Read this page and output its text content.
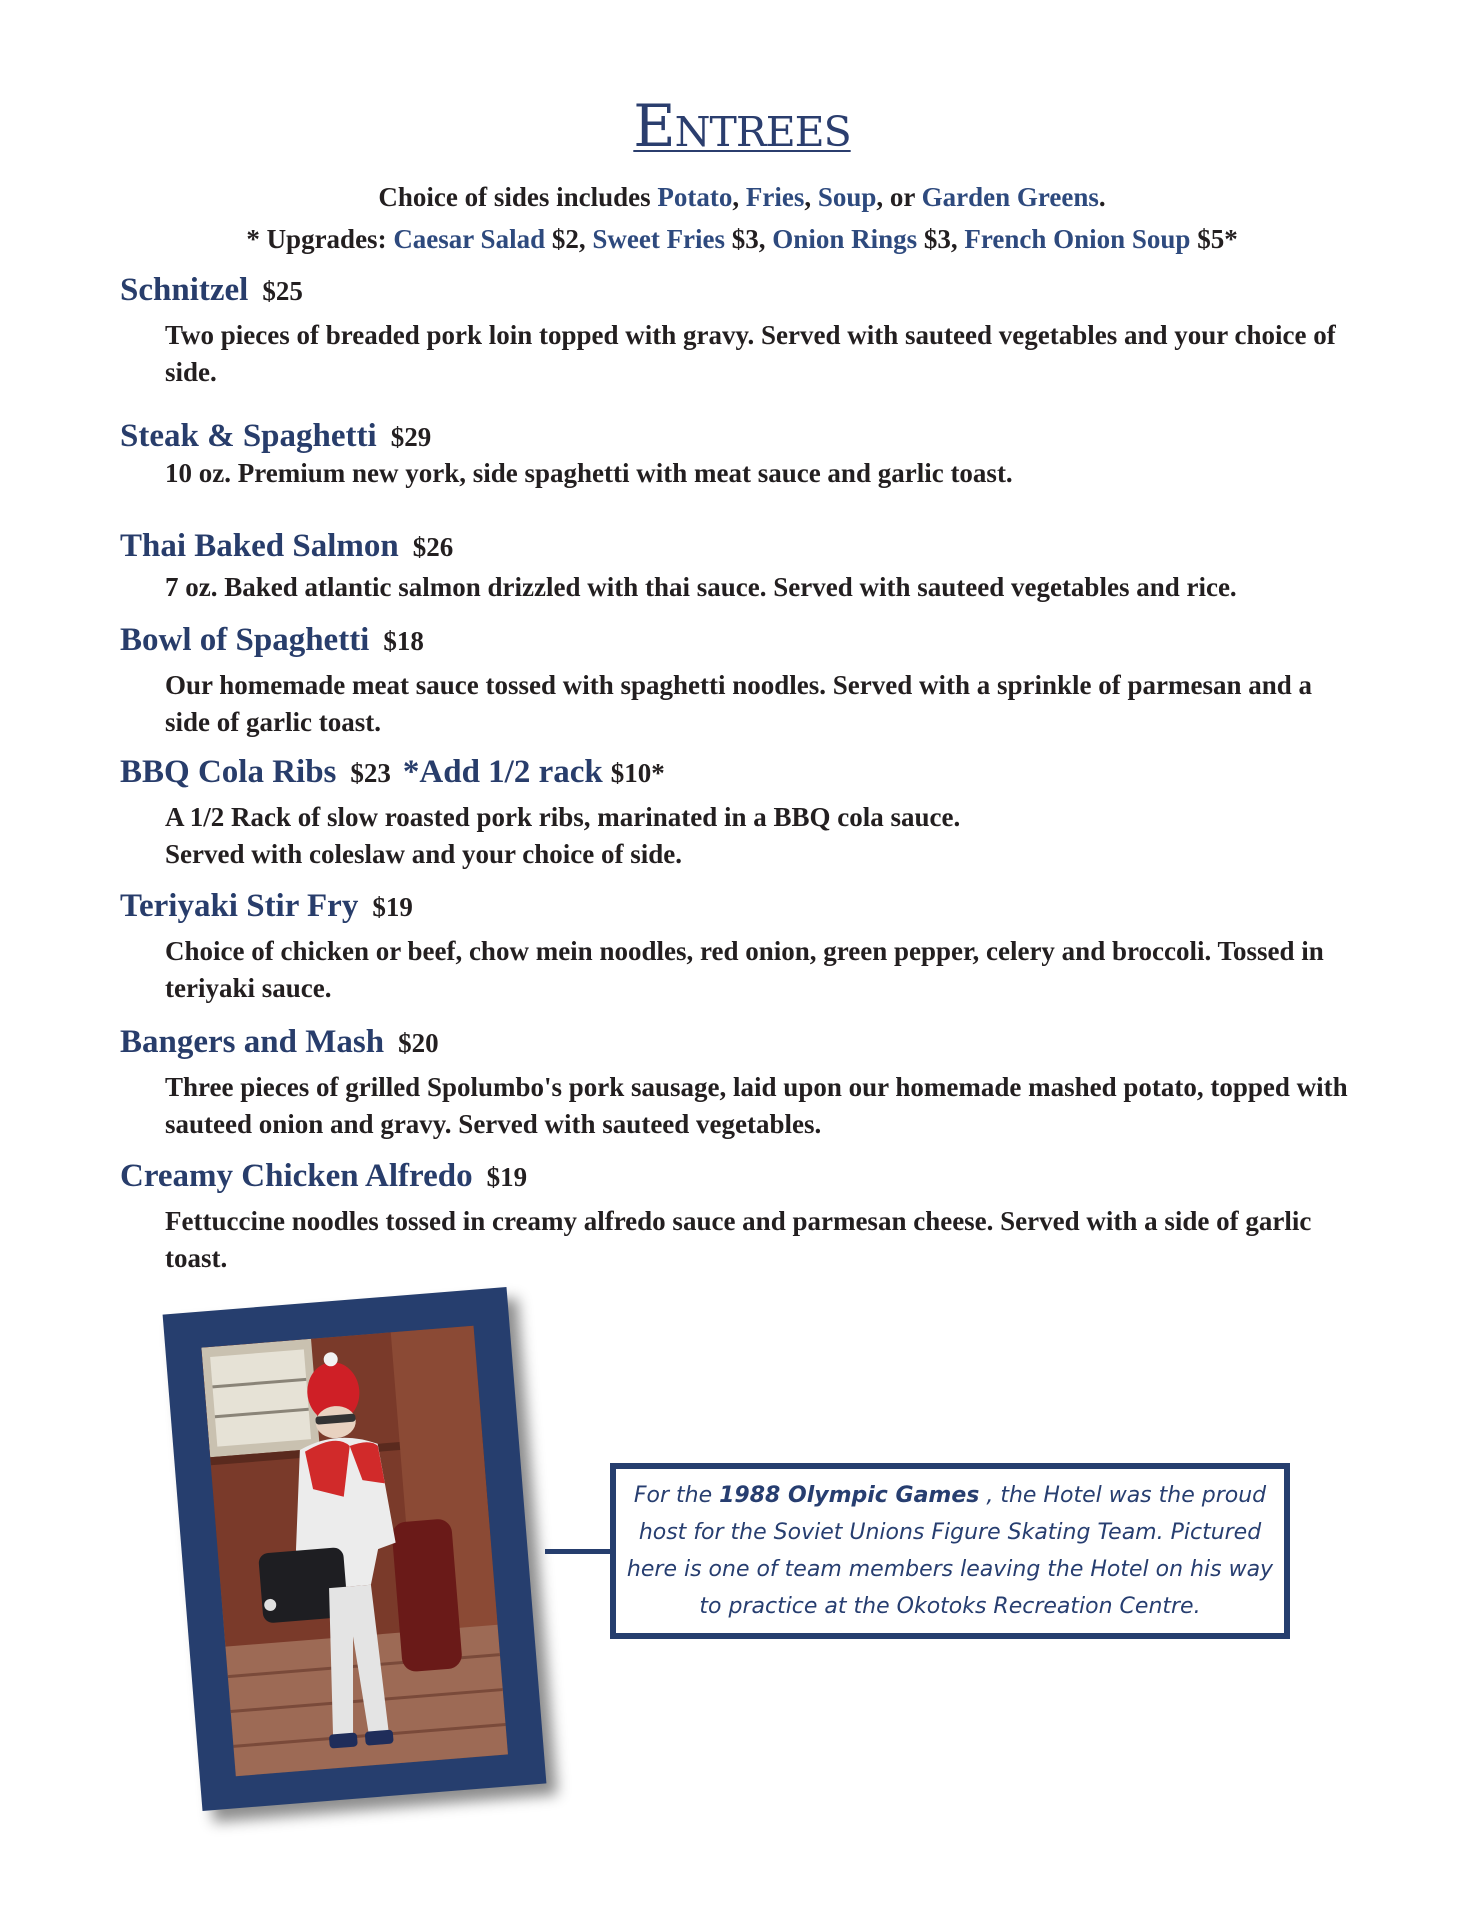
Entrees
Choice of sides includes Potato, Fries, Soup, or Garden Greens.
* Upgrades: Caesar Salad $2, Sweet Fries $3, Onion Rings $3, French Onion Soup $5*
Schnitzel $25
Two pieces of breaded pork loin topped with gravy. Served with sauteed vegetables and your choice of side.
Steak & Spaghetti $29
10 oz. Premium new york, side spaghetti with meat sauce and garlic toast.
Thai Baked Salmon $26
7 oz. Baked atlantic salmon drizzled with thai sauce. Served with sauteed vegetables and rice.
Bowl of Spaghetti $18
Our homemade meat sauce tossed with spaghetti noodles. Served with a sprinkle of parmesan and a side of garlic toast.
BBQ Cola Ribs $23 *Add 1/2 rack $10*
A 1/2 Rack of slow roasted pork ribs, marinated in a BBQ cola sauce.
Served with coleslaw and your choice of side.
Teriyaki Stir Fry $19
Choice of chicken or beef, chow mein noodles, red onion, green pepper, celery and broccoli. Tossed in teriyaki sauce.
Bangers and Mash $20
Three pieces of grilled Spolumbo's pork sausage, laid upon our homemade mashed potato, topped with sauteed onion and gravy. Served with sauteed vegetables.
Creamy Chicken Alfredo $19
Fettuccine noodles tossed in creamy alfredo sauce and parmesan cheese. Served with a side of garlic toast.
For the 1988 Olympic Games , the Hotel was the proud host for the Soviet Unions Figure Skating Team. Pictured here is one of team members leaving the Hotel on his way to practice at the Okotoks Recreation Centre.
